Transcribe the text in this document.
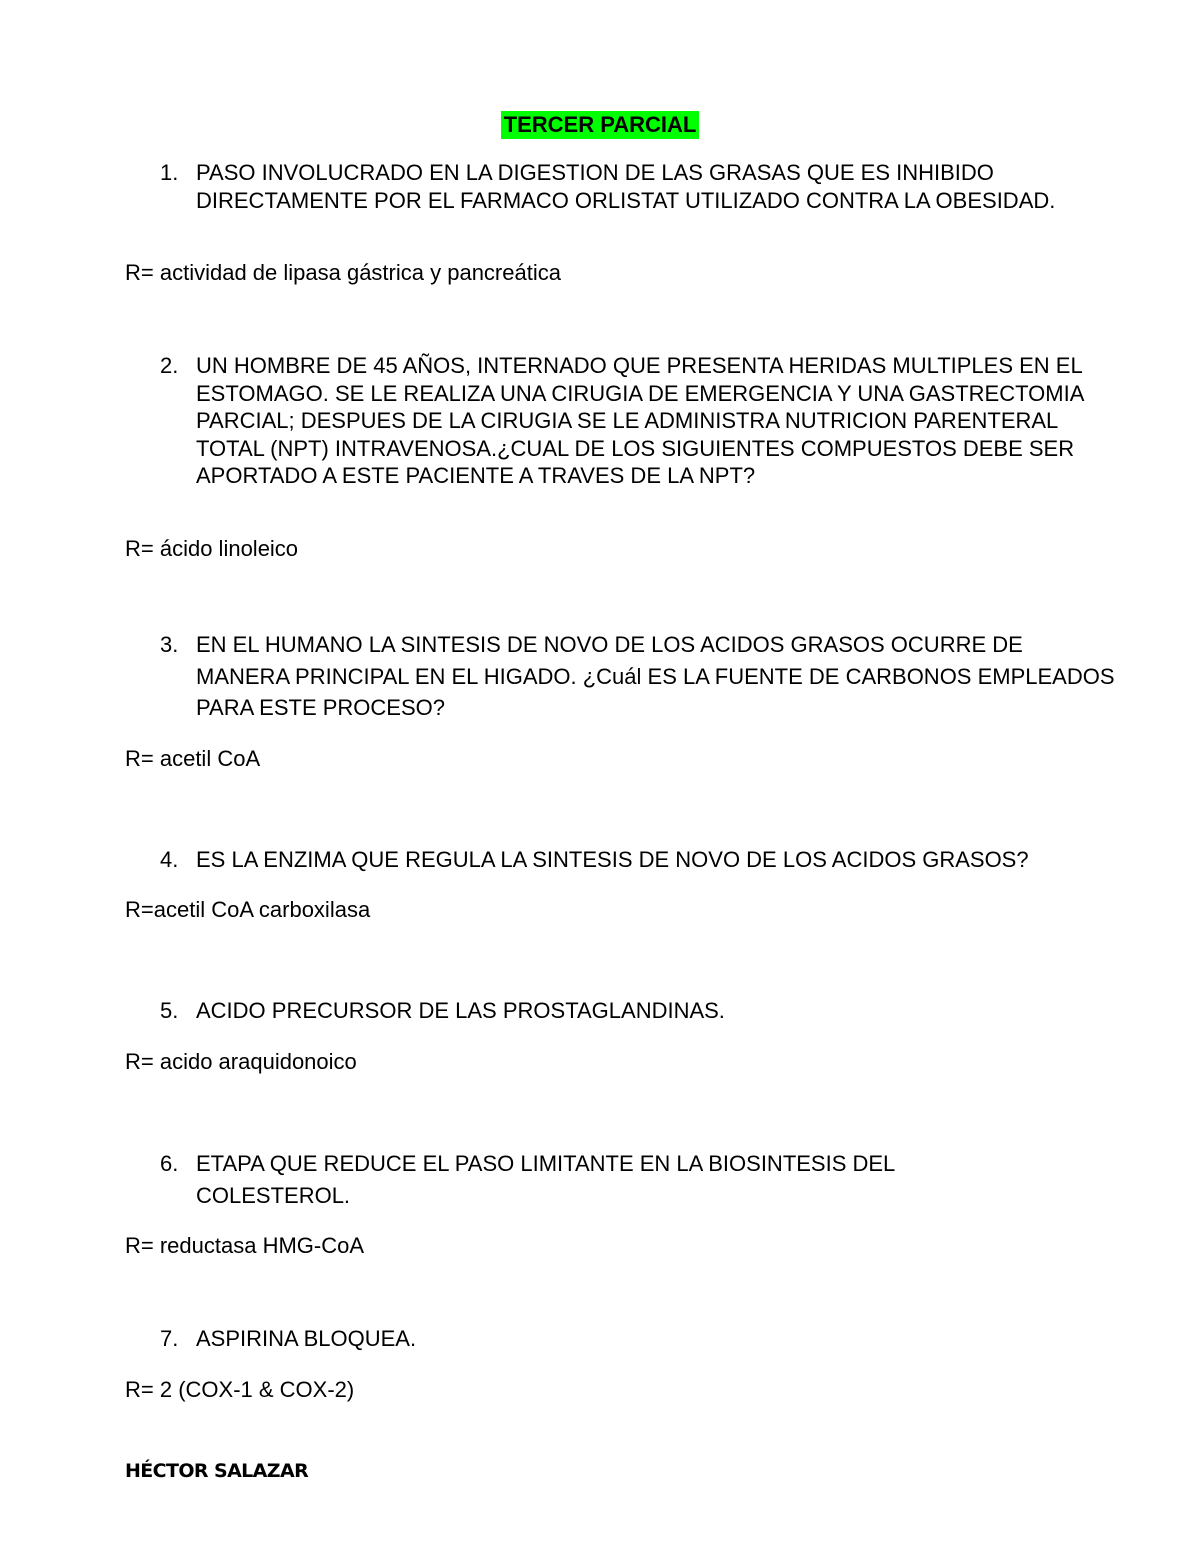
TERCER PARCIAL
1. PASO INVOLUCRADO EN LA DIGESTION DE LAS GRASAS QUE ES INHIBIDO DIRECTAMENTE POR EL FARMACO ORLISTAT UTILIZADO CONTRA LA OBESIDAD.
R= actividad de lipasa gástrica y pancreática
2. UN HOMBRE DE 45 AÑOS, INTERNADO QUE PRESENTA HERIDAS MULTIPLES EN EL ESTOMAGO. SE LE REALIZA UNA CIRUGIA DE EMERGENCIA Y UNA GASTRECTOMIA PARCIAL; DESPUES DE LA CIRUGIA SE LE ADMINISTRA NUTRICION PARENTERAL TOTAL (NPT) INTRAVENOSA.¿CUAL DE LOS SIGUIENTES COMPUESTOS DEBE SER APORTADO A ESTE PACIENTE A TRAVES DE LA NPT?
R= ácido linoleico
3. EN EL HUMANO LA SINTESIS DE NOVO DE LOS ACIDOS GRASOS OCURRE DE MANERA PRINCIPAL EN EL HIGADO. ¿Cuál ES LA FUENTE DE CARBONOS EMPLEADOS PARA ESTE PROCESO?
R= acetil CoA
4. ES LA ENZIMA QUE REGULA LA SINTESIS DE NOVO DE LOS ACIDOS GRASOS?
R=acetil CoA carboxilasa
5. ACIDO PRECURSOR DE LAS PROSTAGLANDINAS.
R= acido araquidonoico
6. ETAPA QUE REDUCE EL PASO LIMITANTE EN LA BIOSINTESIS DEL COLESTEROL.
R= reductasa HMG-CoA
7. ASPIRINA BLOQUEA.
R= 2 (COX-1 & COX-2)
HÉCTOR SALAZAR
